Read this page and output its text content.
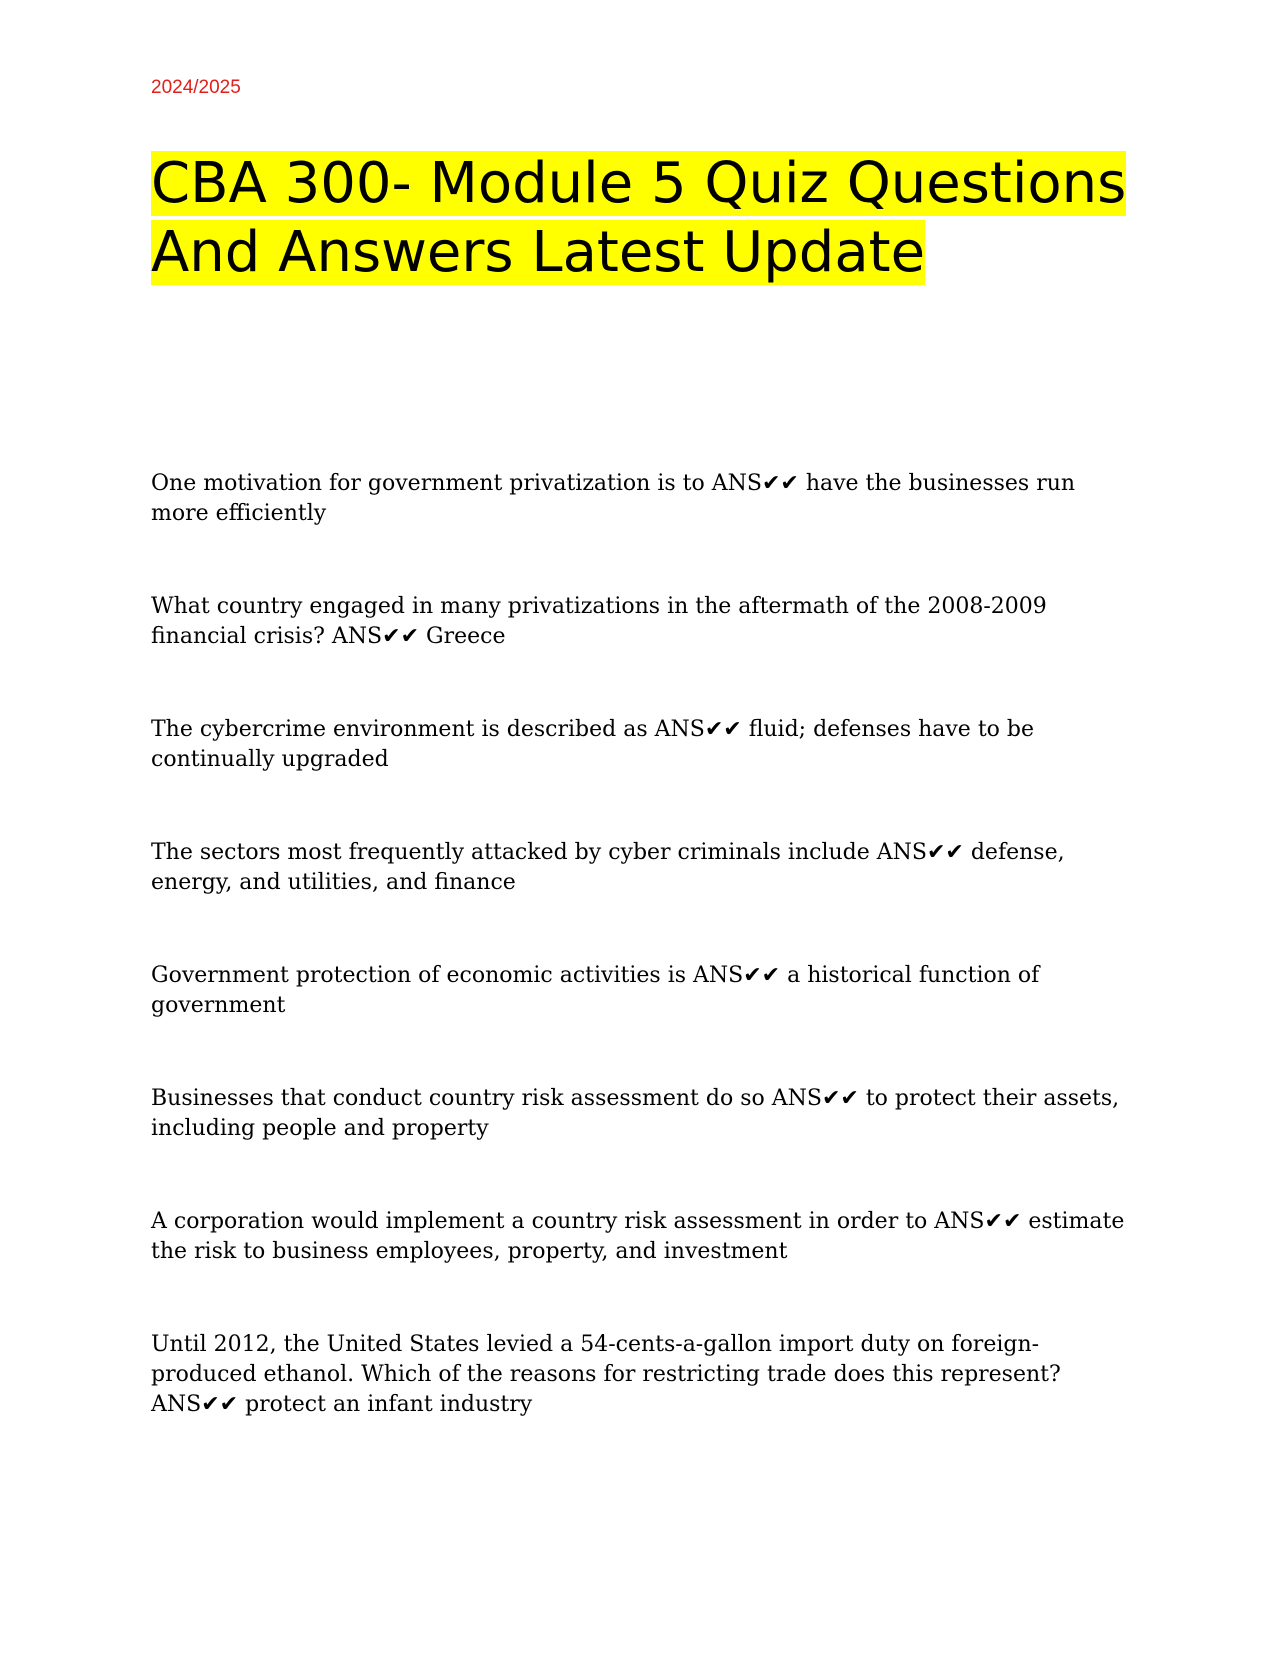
2024/2025

CBA 300- Module 5 Quiz Questions And Answers Latest Update
One motivation for government privatization is to ANS✔✔ have the businesses run more efficiently
What country engaged in many privatizations in the aftermath of the 2008-2009 financial crisis? ANS✔✔ Greece
The cybercrime environment is described as ANS✔✔ fluid; defenses have to be continually upgraded
The sectors most frequently attacked by cyber criminals include ANS✔✔ defense, energy, and utilities, and finance
Government protection of economic activities is ANS✔✔ a historical function of government
Businesses that conduct country risk assessment do so ANS✔✔ to protect their assets, including people and property
A corporation would implement a country risk assessment in order to ANS✔✔ estimate the risk to business employees, property, and investment
Until 2012, the United States levied a 54-cents-a-gallon import duty on foreign-produced ethanol. Which of the reasons for restricting trade does this represent? ANS✔✔ protect an infant industry
